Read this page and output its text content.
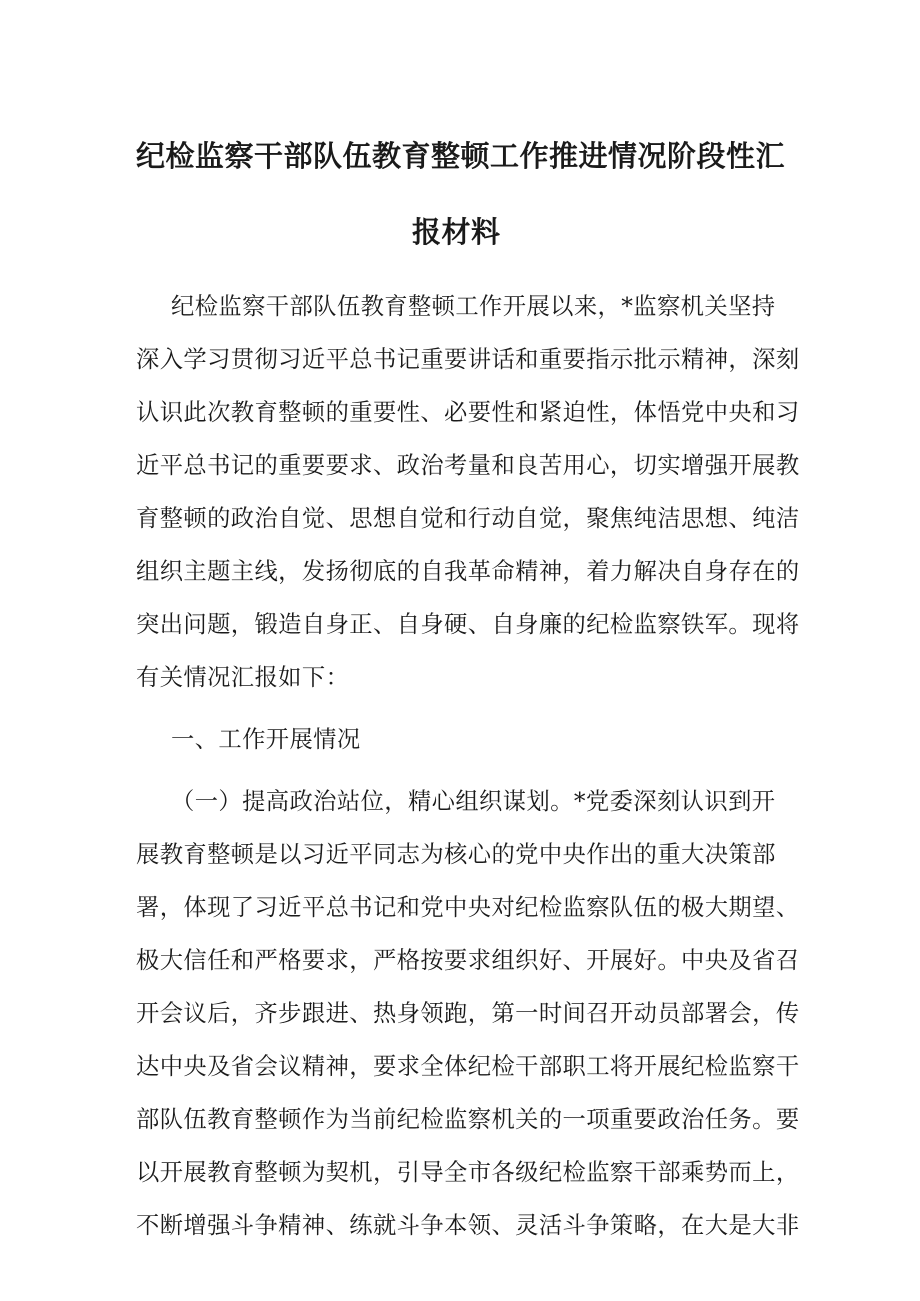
纪检监察干部队伍教育整顿工作推进情况阶段性汇
报材料
纪检监察干部队伍教育整顿工作开展以来，*监察机关坚持
深入学习贯彻习近平总书记重要讲话和重要指示批示精神，深刻
认识此次教育整顿的重要性、必要性和紧迫性，体悟党中央和习
近平总书记的重要要求、政治考量和良苦用心，切实增强开展教
育整顿的政治自觉、思想自觉和行动自觉，聚焦纯洁思想、纯洁
组织主题主线，发扬彻底的自我革命精神，着力解决自身存在的
突出问题，锻造自身正、自身硬、自身廉的纪检监察铁军。现将
有关情况汇报如下：
一、工作开展情况
（一）提高政治站位，精心组织谋划。*党委深刻认识到开
展教育整顿是以习近平同志为核心的党中央作出的重大决策部
署，体现了习近平总书记和党中央对纪检监察队伍的极大期望、
极大信任和严格要求，严格按要求组织好、开展好。中央及省召
开会议后，齐步跟进、热身领跑，第一时间召开动员部署会，传
达中央及省会议精神，要求全体纪检干部职工将开展纪检监察干
部队伍教育整顿作为当前纪检监察机关的一项重要政治任务。要
以开展教育整顿为契机，引导全市各级纪检监察干部乘势而上，
不断增强斗争精神、练就斗争本领、灵活斗争策略，在大是大非
